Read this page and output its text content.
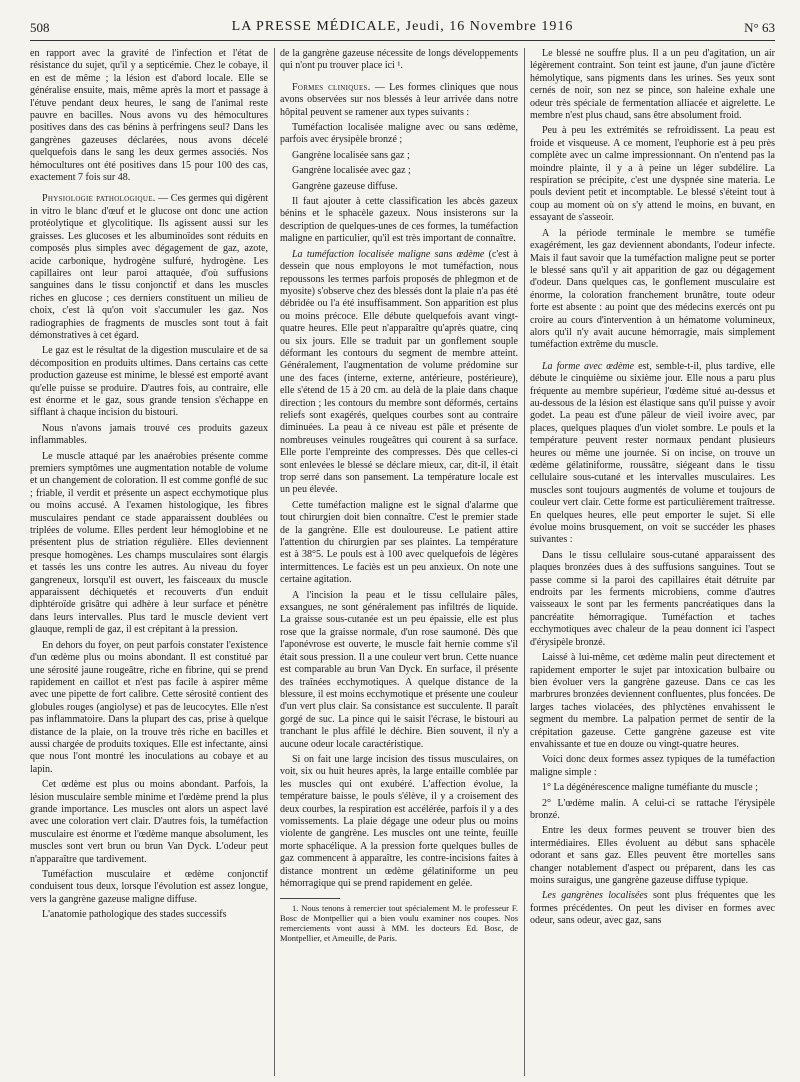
508	LA PRESSE MÉDICALE, Jeudi, 16 Novembre 1916	N° 63

en rapport avec la gravité de l'infection et l'état de résistance du sujet, qu'il y a septicémie. Chez le cobaye, il en est de même ; la lésion est d'abord locale. Elle se généralise ensuite, mais, même après la mort et passage à l'étuve pendant deux heures, le sang de l'animal reste pauvre en bacilles. Nous avons vu des hémocultures positives dans des cas bénins à perfringens seul? Dans les gangrènes gazeuses déclarées, nous avons décelé quelquefois dans le sang les deux germes associés. Nos hémocultures ont été positives dans 15 pour 100 des cas, exactement 7 fois sur 48.

Physiologie pathologique. — Ces germes qui digèrent in vitro le blanc d'œuf et le glucose ont donc une action protéolytique et glycolitique. Ils agissent aussi sur les graisses. Les glucoses et les albuminoïdes sont réduits en composés plus simples avec dégagement de gaz, azote, acide carbonique, hydrogène sulfuré, hydrogène. Les capillaires ont leur paroi attaquée, d'où suffusions sanguines dans le tissu conjonctif et dans les muscles riches en glucose ; ces derniers constituent un milieu de choix, c'est là qu'on voit s'accumuler les gaz. Nos radiographies de fragments de muscles sont tout à fait démonstratives à cet égard.

Le gaz est le résultat de la digestion musculaire et de sa décomposition en produits ultimes. Dans certains cas cette production gazeuse est minime, le blessé est emporté avant qu'elle puisse se produire. D'autres fois, au contraire, elle est énorme et le gaz, sous grande tension s'échappe en sifflant à chaque incision du bistouri.

Nous n'avons jamais trouvé ces produits gazeux inflammables.

Le muscle attaqué par les anaérobies présente comme premiers symptômes une augmentation notable de volume et un changement de coloration. Il est comme gonflé de suc ; friable, il verdit et présente un aspect ecchymotique plus ou moins accusé. A l'examen histologique, les fibres musculaires pendant ce stade apparaissent doublées ou triplées de volume. Elles perdent leur hémoglobine et ne présentent plus de striation régulière. Elles deviennent presque homogènes. Les champs musculaires sont élargis et tassés les uns contre les autres. Au niveau du foyer gangreneux, lorsqu'il est ouvert, les faisceaux du muscle apparaissent déchiquetés et recouverts d'un enduit diphtéroïde grisâtre qui adhère à leur surface et pénètre dans leurs intervalles. Plus tard le muscle devient vert glauque, rempli de gaz, il est crépitant à la pression.

En dehors du foyer, on peut parfois constater l'existence d'un œdème plus ou moins abondant. Il est constitué par une sérosité jaune rougeâtre, riche en fibrine, qui se prend rapidement en caillot et n'est pas facile à aspirer même avec une pipette de fort calibre. Cette sérosité contient des globules rouges (angiolyse) et pas de leucocytes. Elle n'est pas inflammatoire. Dans la plupart des cas, prise à quelque distance de la plaie, on la trouve très riche en bacilles et aussi chargée de produits toxiques. Elle est infectante, ainsi que nous l'ont montré les inoculations au cobaye et au lapin.

Cet œdème est plus ou moins abondant. Parfois, la lésion musculaire semble minime et l'œdème prend la plus grande importance. Les muscles ont alors un aspect lavé avec une coloration vert clair. D'autres fois, la tuméfaction musculaire est énorme et l'œdème manque absolument, les muscles sont vert brun ou brun Van Dyck. L'odeur peut n'apparaître que tardivement.

Tuméfaction musculaire et œdème conjonctif conduisent tous deux, lorsque l'évolution est assez longue, vers la gangrène gazeuse maligne diffuse.

L'anatomie pathologique des stades successifs

de la gangrène gazeuse nécessite de longs développements qui n'ont pu trouver place ici ¹.

Formes cliniques. — Les formes cliniques que nous avons observées sur nos blessés à leur arrivée dans notre hôpital peuvent se ramener aux types suivants :

Tuméfaction localisée maligne avec ou sans œdème, parfois avec érysipèle bronzé ;

Gangrène localisée sans gaz ;

Gangrène localisée avec gaz ;

Gangrène gazeuse diffuse.

Il faut ajouter à cette classification les abcès gazeux bénins et le sphacèle gazeux. Nous insisterons sur la description de quelques-unes de ces formes, la tuméfaction maligne en particulier, qu'il est très important de connaître.

La tuméfaction localisée maligne sans œdème (c'est à dessein que nous employons le mot tuméfaction, nous repoussons les termes parfois proposés de phlegmon et de myosite) s'observe chez des blessés dont la plaie n'a pas été débridée ou l'a été insuffisamment. Son apparition est plus ou moins précoce. Elle débute quelquefois avant vingt-quatre heures. Elle peut n'apparaître qu'après quatre, cinq ou six jours. Elle se traduit par un gonflement souple déformant les contours du segment de membre atteint. Généralement, l'augmentation de volume prédomine sur une des faces (interne, externe, antérieure, postérieure), elle s'étend de 15 à 20 cm. au delà de la plaie dans chaque direction ; les contours du membre sont déformés, certains reliefs sont exagérés, quelques courbes sont au contraire diminuées. La peau à ce niveau est pâle et présente de nombreuses veinules rougeâtres qui courent à sa surface. Elle porte l'empreinte des compresses. Dès que celles-ci sont enlevées le blessé se déclare mieux, car, dit-il, il était trop serré dans son pansement. La température locale est un peu élevée.

Cette tuméfaction maligne est le signal d'alarme que tout chirurgien doit bien connaître. C'est le premier stade de la gangrène. Elle est douloureuse. Le patient attire l'attention du chirurgien par ses plaintes. La température est à 38°5. Le pouls est à 100 avec quelquefois de légères intermittences. Le faciès est un peu anxieux. On note une certaine agitation.

A l'incision la peau et le tissu cellulaire pâles, exsangues, ne sont généralement pas infiltrés de liquide. La graisse sous-cutanée est un peu épaissie, elle est plus rose que la graisse normale, d'un rose saumoné. Dès que l'aponévrose est ouverte, le muscle fait hernie comme s'il était sous pression. Il a une couleur vert brun. Cette nuance est comparable au brun Van Dyck. En surface, il présente des traînées ecchymotiques. A quelque distance de la blessure, il est moins ecchymotique et présente une couleur d'un vert plus clair. Sa consistance est succulente. Il paraît gorgé de suc. La pince qui le saisit l'écrase, le bistouri au tranchant le plus affilé le déchire. Bien souvent, il n'y a aucune odeur locale caractéristique.

Si on fait une large incision des tissus musculaires, on voit, six ou huit heures après, la large entaille comblée par les muscles qui ont exubéré. L'affection évolue, la température baisse, le pouls s'élève, il y a croisement des deux courbes, la respiration est accélérée, parfois il y a des vomissements. La plaie dégage une odeur plus ou moins violente de gangrène. Les muscles ont une teinte, feuille morte sphacélique. A la pression forte quelques bulles de gaz commencent à apparaître, les contre-incisions faites à distance montrent un œdème gélatiniforme un peu hémorragique qui se prend rapidement en gelée.

1. Nous tenons à remercier tout spécialement M. le professeur F. Bosc de Montpellier qui a bien voulu examiner nos coupes. Nos remerciements vont aussi à MM. les docteurs Ed. Bosc, de Montpellier, et Ameuille, de Paris.

Le blessé ne souffre plus. Il a un peu d'agitation, un air légèrement contraint. Son teint est jaune, d'un jaune d'ictère hémolytique, sans pigments dans les urines. Ses yeux sont cernés de noir, son nez se pince, son haleine exhale une odeur très spéciale de fermentation alliacée et aigrelette. Le membre n'est plus chaud, sans être absolument froid.

Peu à peu les extrémités se refroidissent. La peau est froide et visqueuse. A ce moment, l'euphorie est à peu près complète avec un calme impressionnant. On n'entend pas la moindre plainte, il y a à peine un léger subdélire. La respiration se précipite, c'est une dyspnée sine materia. Le pouls devient petit et incomptable. Le blessé s'éteint tout à coup au moment où on s'y attend le moins, en buvant, en essayant de s'asseoir.

A la période terminale le membre se tuméfie exagérément, les gaz deviennent abondants, l'odeur infecte. Mais il faut savoir que la tuméfaction maligne peut se porter le blessé sans qu'il y ait apparition de gaz ou dégagement d'odeur. Dans quelques cas, le gonflement musculaire est énorme, la coloration franchement brunâtre, toute odeur forte est absente : au point que des médecins exercés ont pu croire au cours d'intervention à un hématome volumineux, alors qu'il n'y avait aucune hémorragie, mais simplement tuméfaction extrême du muscle.

La forme avec œdème est, semble-t-il, plus tardive, elle débute le cinquième ou sixième jour. Elle nous a paru plus fréquente au membre supérieur, l'œdème situé au-dessus et au-dessous de la lésion est élastique sans qu'il puisse y avoir godet. La peau est d'une pâleur de vieil ivoire avec, par places, quelques plaques d'un violet sombre. Le pouls et la température peuvent rester normaux pendant plusieurs heures ou même une journée. Si on incise, on trouve un œdème gélatiniforme, roussâtre, siégeant dans le tissu cellulaire sous-cutané et les intervalles musculaires. Les muscles sont toujours augmentés de volume et toujours de couleur vert clair. Cette forme est particulièrement traîtresse. En quelques heures, elle peut emporter le sujet. Si elle évolue moins brusquement, on voit se succéder les phases suivantes :

Dans le tissu cellulaire sous-cutané apparaissent des plaques bronzées dues à des suffusions sanguines. Tout se passe comme si la paroi des capillaires était détruite par endroits par les ferments microbiens, comme d'autres vaisseaux le sont par les ferments pancréatiques dans la pancréatite hémorragique. Tuméfaction et taches ecchymotiques avec chaleur de la peau donnent ici l'aspect d'érysipèle bronzé.

Laissé à lui-même, cet œdème malin peut directement et rapidement emporter le sujet par intoxication bulbaire ou bien évoluer vers la gangrène gazeuse. Dans ce cas les marbrures bronzées deviennent confluentes, plus foncées. De larges taches violacées, des phlyctènes envahissent le segment du membre. La palpation permet de sentir de la crépitation gazeuse. Cette gangrène gazeuse est vite envahissante et tue en douze ou vingt-quatre heures.

Voici donc deux formes assez typiques de la tuméfaction maligne simple :

1° La dégénérescence maligne tuméfiante du muscle ;

2° L'œdème malin. A celui-ci se rattache l'érysipèle bronzé.

Entre les deux formes peuvent se trouver bien des intermédiaires. Elles évoluent au début sans sphacèle odorant et sans gaz. Elles peuvent être mortelles sans changer notablement d'aspect ou préparent, dans les cas moins suraigus, une gangrène gazeuse diffuse typique.

Les gangrènes localisées sont plus fréquentes que les formes précédentes. On peut les diviser en formes avec odeur, sans odeur, avec gaz, sans
